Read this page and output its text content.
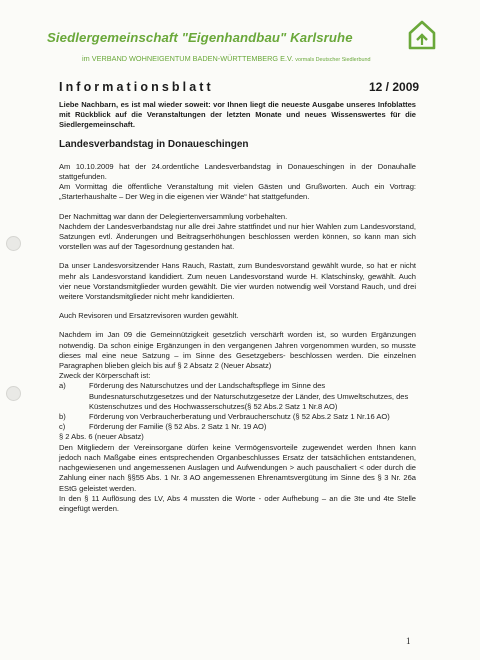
Siedlergemeinschaft "Eigenhandbau" Karlsruhe
im VERBAND WOHNEIGENTUM BADEN-WÜRTTEMBERG E.V. vormals Deutscher Siedlerbund
Informationsblatt	12 / 2009

Liebe Nachbarn, es ist mal wieder soweit: vor Ihnen liegt die neueste Ausgabe unseres Infoblattes mit Rückblick auf die Veranstaltungen der letzten Monate und neues Wissenswertes für die Siedlergemeinschaft.

Landesverbandstag in Donaueschingen

Am 10.10.2009 hat der 24.ordentliche Landesverbandstag in Donaueschingen in der Donauhalle stattgefunden.

Am Vormittag die öffentliche Veranstaltung mit vielen Gästen und Grußworten. Auch ein Vortrag: „Starterhaushalte – Der Weg in die eigenen vier Wände“ hat stattgefunden.

Der Nachmittag war dann der Delegiertenversammlung vorbehalten.

Nachdem der Landesverbandstag nur alle drei Jahre stattfindet und nur hier Wahlen zum Landesvorstand, Satzungen evtl. Änderungen und Beitragserhöhungen beschlossen werden können, so kann man sich vorstellen was auf der Tagesordnung gestanden hat.

Da unser Landesvorsitzender Hans Rauch, Rastatt, zum Bundesvorstand gewählt wurde, so hat er nicht mehr als Landesvorstand kandidiert. Zum neuen Landesvorstand wurde H. Klatschinsky, gewählt. Auch vier neue Vorstandsmitglieder wurden gewählt. Die vier wurden notwendig weil Vorstand Rauch, und drei weitere Vorstandsmitglieder nicht mehr kandidierten.

Auch Revisoren und Ersatzrevisoren wurden gewählt.

Nachdem im Jan 09 die Gemeinnützigkeit gesetzlich verschärft worden ist, so wurden Ergänzungen notwendig. Da schon einige Ergänzungen in den vergangenen Jahren vorgenommen wurden, so musste dieses mal eine neue Satzung – im Sinne des Gesetzgebers- beschlossen werden. Die einzelnen Paragraphen blieben gleich bis auf § 2 Absatz 2 (Neuer Absatz)

Zweck der Körperschaft ist:

a)	Förderung des Naturschutzes und der Landschaftspflege im Sinne des Bundesnaturschutzgesetzes und der Naturschutzgesetze der Länder, des Umweltschutzes, des Küstenschutzes und des Hochwasserschutzes(§ 52 Abs.2 Satz 1 Nr.8 AO)
b)	Förderung von Verbraucherberatung und Verbraucherschutz (§ 52 Abs.2 Satz 1 Nr.16 AO)
c)	Förderung der Familie (§ 52 Abs. 2 Satz 1 Nr. 19 AO)

§ 2 Abs. 6 (neuer Absatz)

Den Mitgliedern der Vereinsorgane dürfen keine Vermögensvorteile zugewendet werden Ihnen kann jedoch nach Maßgabe eines entsprechenden Organbeschlusses Ersatz der tatsächlichen entstandenen, nachgewiesenen und angemessenen Auslagen und Aufwendungen > auch pauschaliert < oder durch die Zahlung einer nach §§55 Abs. 1 Nr. 3 AO angemessenen Ehrenamtsvergütung im Sinne des § 3 Nr. 26a EStG geleistet werden.

In den § 11 Auflösung des LV, Abs 4 mussten die Worte - oder Aufhebung – an die 3te und 4te Stelle eingefügt werden.

1
